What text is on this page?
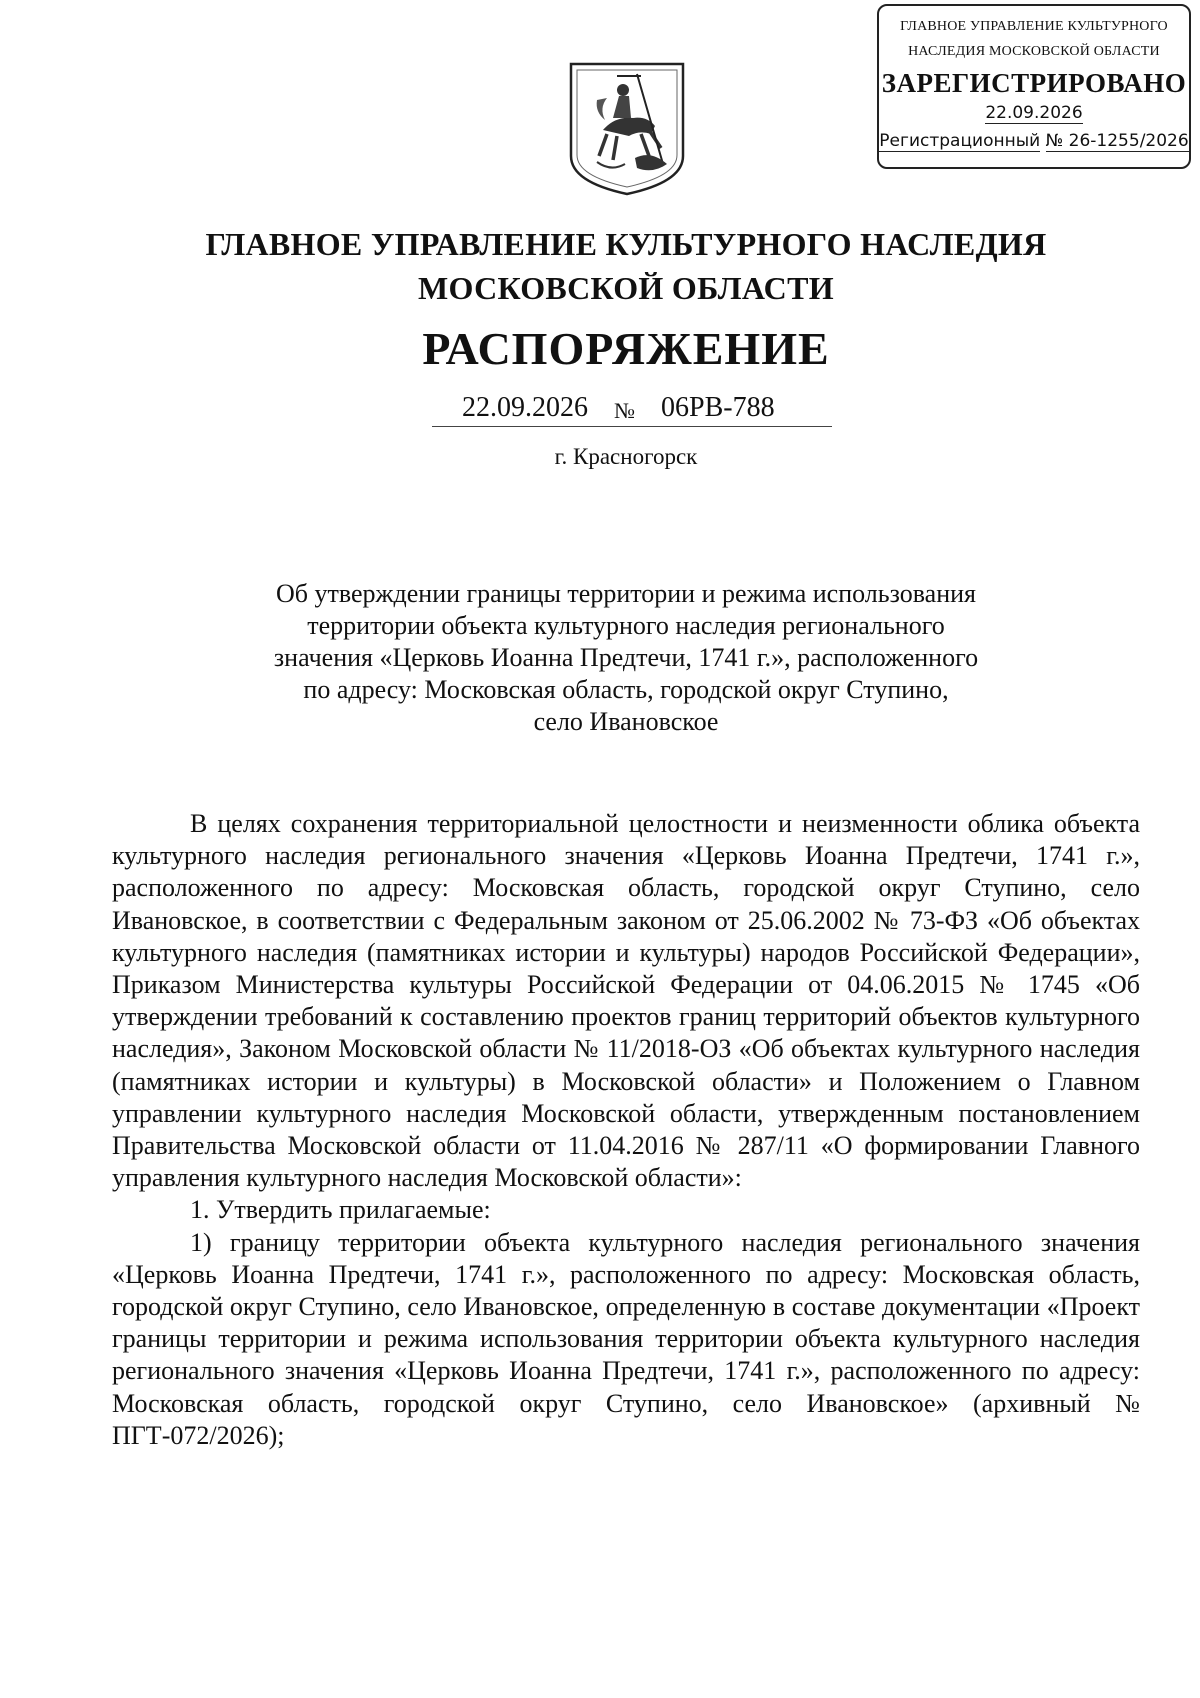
ГЛАВНОЕ УПРАВЛЕНИЕ КУЛЬТУРНОГО
НАСЛЕДИЯ МОСКОВСКОЙ ОБЛАСТИ
ЗАРЕГИСТРИРОВАНО
22.09.2026
Регистрационный № 26-1255/2026
ГЛАВНОЕ УПРАВЛЕНИЕ КУЛЬТУРНОГО НАСЛЕДИЯ
МОСКОВСКОЙ ОБЛАСТИ
РАСПОРЯЖЕНИЕ
22.09.2026 № 06РВ-788
г. Красногорск
Об утверждении границы территории и режима использования
территории объекта культурного наследия регионального
значения «Церковь Иоанна Предтечи, 1741 г.», расположенного
по адресу: Московская область, городской округ Ступино,
село Ивановское

В целях сохранения территориальной целостности и неизменности облика объекта культурного наследия регионального значения «Церковь Иоанна Предтечи, 1741 г.», расположенного по адресу: Московская область, городской округ Ступино, село Ивановское, в соответствии с Федеральным законом от 25.06.2002 № 73-ФЗ «Об объектах культурного наследия (памятниках истории и культуры) народов Российской Федерации», Приказом Министерства культуры Российской Федерации от 04.06.2015 № 1745 «Об утверждении требований к составлению проектов границ территорий объектов культурного наследия», Законом Московской области № 11/2018-ОЗ «Об объектах культурного наследия (памятниках истории и культуры) в Московской области» и Положением о Главном управлении культурного наследия Московской области, утвержденным постановлением Правительства Московской области от 11.04.2016 № 287/11 «О формировании Главного управления культурного наследия Московской области»:

1. Утвердить прилагаемые:

1) границу территории объекта культурного наследия регионального значения «Церковь Иоанна Предтечи, 1741 г.», расположенного по адресу: Московская область, городской округ Ступино, село Ивановское, определенную в составе документации «Проект границы территории и режима использования территории объекта культурного наследия регионального значения «Церковь Иоанна Предтечи, 1741 г.», расположенного по адресу: Московская область, городской округ Ступино, село Ивановское» (архивный № ПГТ-072/2026);
